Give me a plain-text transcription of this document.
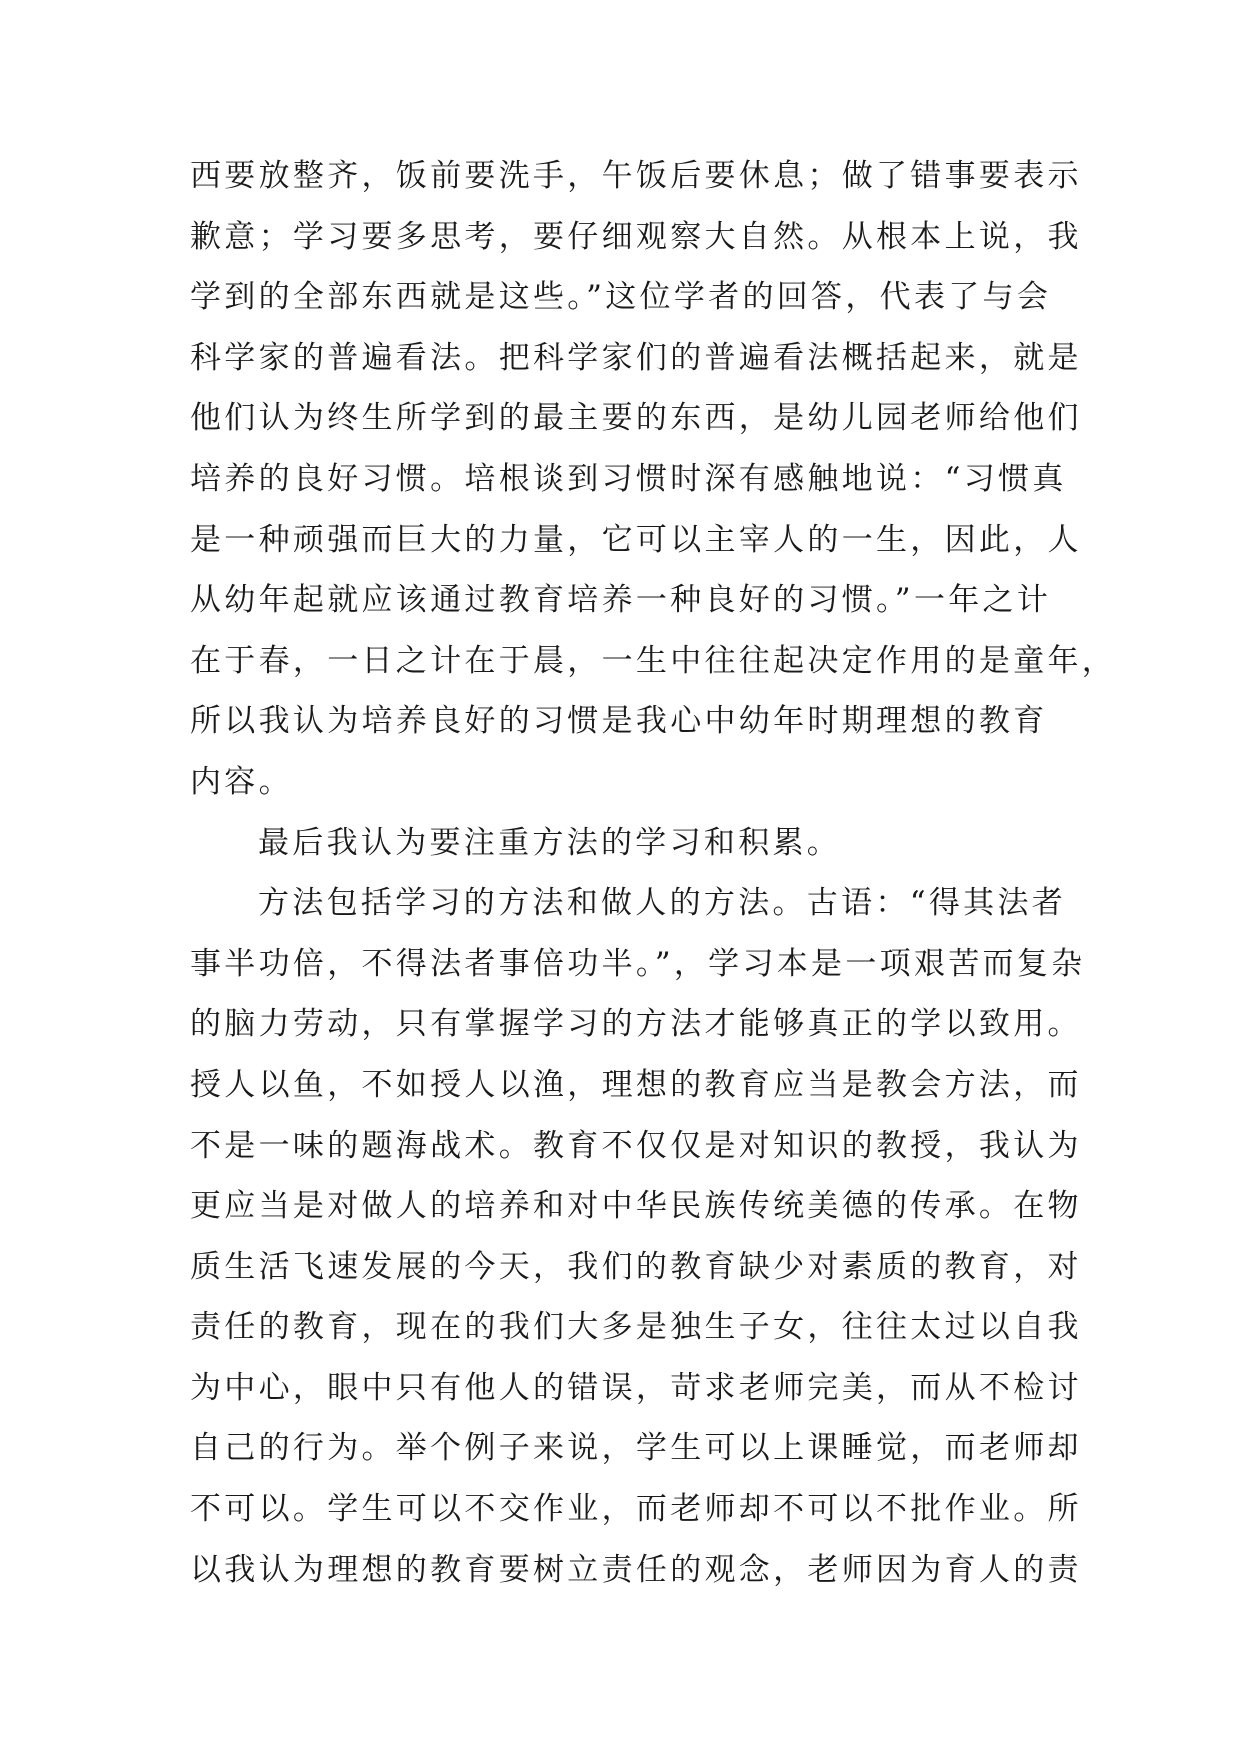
西要放整齐，饭前要洗手，午饭后要休息；做了错事要表示
歉意；学习要多思考，要仔细观察大自然。从根本上说，我
学到的全部东西就是这些。”这位学者的回答，代表了与会
科学家的普遍看法。把科学家们的普遍看法概括起来，就是
他们认为终生所学到的最主要的东西，是幼儿园老师给他们
培养的良好习惯。培根谈到习惯时深有感触地说：“习惯真
是一种顽强而巨大的力量，它可以主宰人的一生，因此，人
从幼年起就应该通过教育培养一种良好的习惯。”一年之计
在于春，一日之计在于晨，一生中往往起决定作用的是童年，
所以我认为培养良好的习惯是我心中幼年时期理想的教育
内容。
最后我认为要注重方法的学习和积累。
方法包括学习的方法和做人的方法。古语：“得其法者
事半功倍，不得法者事倍功半。”，学习本是一项艰苦而复杂
的脑力劳动，只有掌握学习的方法才能够真正的学以致用。
授人以鱼，不如授人以渔，理想的教育应当是教会方法，而
不是一味的题海战术。教育不仅仅是对知识的教授，我认为
更应当是对做人的培养和对中华民族传统美德的传承。在物
质生活飞速发展的今天，我们的教育缺少对素质的教育，对
责任的教育，现在的我们大多是独生子女，往往太过以自我
为中心，眼中只有他人的错误，苛求老师完美，而从不检讨
自己的行为。举个例子来说，学生可以上课睡觉，而老师却
不可以。学生可以不交作业，而老师却不可以不批作业。所
以我认为理想的教育要树立责任的观念，老师因为育人的责
